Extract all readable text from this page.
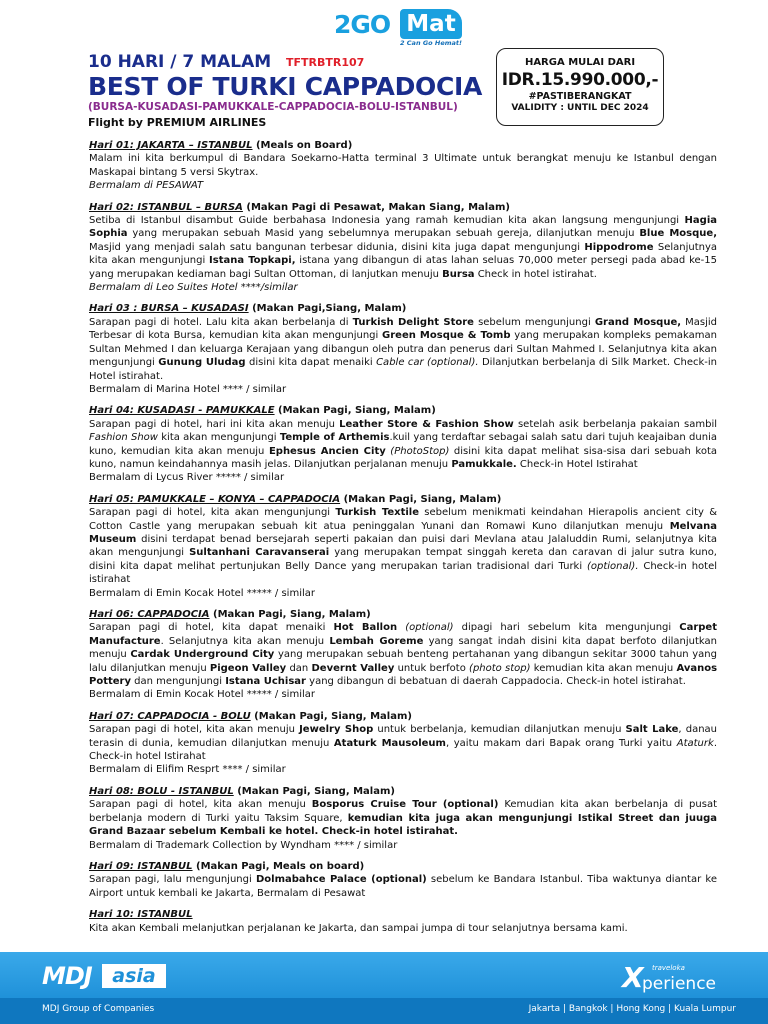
2GO Mat
2 Can Go Hemat!
10 HARI / 7 MALAM TFTRBTR107
BEST OF TURKI CAPPADOCIA
(BURSA-KUSADASI-PAMUKKALE-CAPPADOCIA-BOLU-ISTANBUL)
Flight by PREMIUM AIRLINES
HARGA MULAI DARI
IDR.15.990.000,-
#PASTIBERANGKAT
VALIDITY : UNTIL DEC 2024
Hari 01: JAKARTA – ISTANBUL (Meals on Board)

Malam ini kita berkumpul di Bandara Soekarno-Hatta terminal 3 Ultimate untuk berangkat menuju ke Istanbul dengan Maskapai bintang 5 versi Skytrax.

Bermalam di PESAWAT

Hari 02: ISTANBUL – BURSA (Makan Pagi di Pesawat, Makan Siang, Malam)

Setiba di Istanbul disambut Guide berbahasa Indonesia yang ramah kemudian kita akan langsung mengunjungi Hagia Sophia yang merupakan sebuah Masid yang sebelumnya merupakan sebuah gereja, dilanjutkan menuju Blue Mosque, Masjid yang menjadi salah satu bangunan terbesar didunia, disini kita juga dapat mengunjungi Hippodrome Selanjutnya kita akan mengunjungi Istana Topkapi, istana yang dibangun di atas lahan seluas 70,000 meter persegi pada abad ke-15 yang merupakan kediaman bagi Sultan Ottoman, di lanjutkan menuju Bursa Check in hotel istirahat.

Bermalam di Leo Suites Hotel ****/similar

Hari 03 : BURSA – KUSADASI (Makan Pagi,Siang, Malam)

Sarapan pagi di hotel. Lalu kita akan berbelanja di Turkish Delight Store sebelum mengunjungi Grand Mosque, Masjid Terbesar di kota Bursa, kemudian kita akan mengunjungi Green Mosque & Tomb yang merupakan kompleks pemakaman Sultan Mehmed I dan keluarga Kerajaan yang dibangun oleh putra dan penerus dari Sultan Mahmed I. Selanjutnya kita akan mengunjungi Gunung Uludag disini kita dapat menaiki Cable car (optional). Dilanjutkan berbelanja di Silk Market. Check-in Hotel istirahat.

Bermalam di Marina Hotel **** / similar

Hari 04: KUSADASI - PAMUKKALE (Makan Pagi, Siang, Malam)

Sarapan pagi di hotel, hari ini kita akan menuju Leather Store & Fashion Show setelah asik berbelanja pakaian sambil Fashion Show kita akan mengunjungi Temple of Arthemis.kuil yang terdaftar sebagai salah satu dari tujuh keajaiban dunia kuno, kemudian kita akan menuju Ephesus Ancien City (PhotoStop) disini kita dapat melihat sisa-sisa dari sebuah kota kuno, namun keindahannya masih jelas. Dilanjutkan perjalanan menuju Pamukkale. Check-in Hotel Istirahat

Bermalam di Lycus River ***** / similar

Hari 05: PAMUKKALE – KONYA – CAPPADOCIA (Makan Pagi, Siang, Malam)

Sarapan pagi di hotel, kita akan mengunjungi Turkish Textile sebelum menikmati keindahan Hierapolis ancient city & Cotton Castle yang merupakan sebuah kit atua peninggalan Yunani dan Romawi Kuno dilanjutkan menuju Melvana Museum disini terdapat benad bersejarah seperti pakaian dan puisi dari Mevlana atau Jalaluddin Rumi, selanjutnya kita akan mengunjungi Sultanhani Caravanserai yang merupakan tempat singgah kereta dan caravan di jalur sutra kuno, disini kita dapat melihat pertunjukan Belly Dance yang merupakan tarian tradisional dari Turki (optional). Check-in hotel istirahat

Bermalam di Emin Kocak Hotel ***** / similar

Hari 06: CAPPADOCIA (Makan Pagi, Siang, Malam)

Sarapan pagi di hotel, kita dapat menaiki Hot Ballon (optional) dipagi hari sebelum kita mengunjungi Carpet Manufacture. Selanjutnya kita akan menuju Lembah Goreme yang sangat indah disini kita dapat berfoto dilanjutkan menuju Cardak Underground City yang merupakan sebuah benteng pertahanan yang dibangun sekitar 3000 tahun yang lalu dilanjutkan menuju Pigeon Valley dan Devernt Valley untuk berfoto (photo stop) kemudian kita akan menuju Avanos Pottery dan mengunjungi Istana Uchisar yang dibangun di bebatuan di daerah Cappadocia. Check-in hotel istirahat.

Bermalam di Emin Kocak Hotel ***** / similar

Hari 07: CAPPADOCIA - BOLU (Makan Pagi, Siang, Malam)

Sarapan pagi di hotel, kita akan menuju Jewelry Shop untuk berbelanja, kemudian dilanjutkan menuju Salt Lake, danau terasin di dunia, kemudian dilanjutkan menuju Ataturk Mausoleum, yaitu makam dari Bapak orang Turki yaitu Ataturk. Check-in hotel Istirahat

Bermalam di Elifim Resprt **** / similar

Hari 08: BOLU - ISTANBUL (Makan Pagi, Siang, Malam)

Sarapan pagi di hotel, kita akan menuju Bosporus Cruise Tour (optional) Kemudian kita akan berbelanja di pusat berbelanja modern di Turki yaitu Taksim Square, kemudian kita juga akan mengunjungi Istikal Street dan juuga Grand Bazaar sebelum Kembali ke hotel. Check-in hotel istirahat.

Bermalam di Trademark Collection by Wyndham **** / similar

Hari 09: ISTANBUL (Makan Pagi, Meals on board)

Sarapan pagi, lalu mengunjungi Dolmabahce Palace (optional) sebelum ke Bandara Istanbul. Tiba waktunya diantar ke Airport untuk kembali ke Jakarta, Bermalam di Pesawat

Hari 10: ISTANBUL

Kita akan Kembali melanjutkan perjalanan ke Jakarta, dan sampai jumpa di tour selanjutnya bersama kami.

MDJ	asia
MDJ Group of Companies
X traveloka
perience
Jakarta | Bangkok | Hong Kong | Kuala Lumpur
